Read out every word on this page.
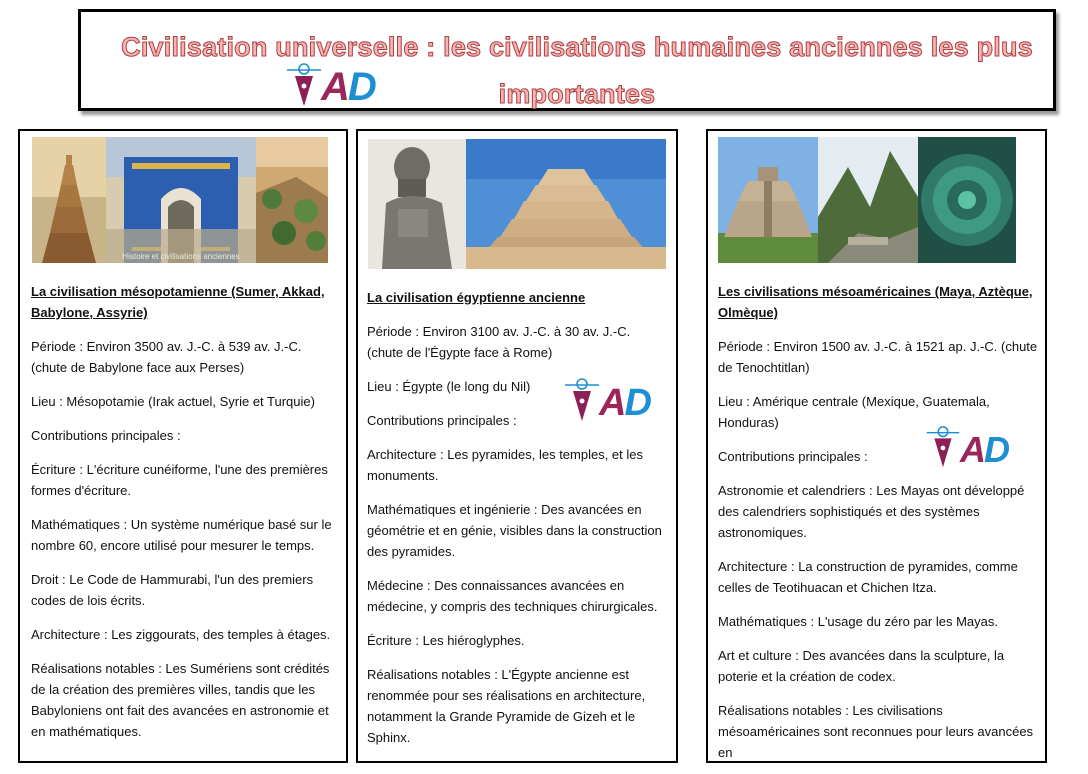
Civilisation universelle : les civilisations humaines anciennes les plus importantes
A
D
Histoire et civilisations anciennes

La civilisation mésopotamienne (Sumer, Akkad, Babylone, Assyrie)

Période : Environ 3500 av. J.-C. à 539 av. J.-C. (chute de Babylone face aux Perses)

Lieu : Mésopotamie (Irak actuel, Syrie et Turquie)

Contributions principales :

Écriture : L'écriture cunéiforme, l'une des premières formes d'écriture.

Mathématiques : Un système numérique basé sur le nombre 60, encore utilisé pour mesurer le temps.

Droit : Le Code de Hammurabi, l'un des premiers codes de lois écrits.

Architecture : Les ziggourats, des temples à étages.

Réalisations notables : Les Sumériens sont crédités de la création des premières villes, tandis que les Babyloniens ont fait des avancées en astronomie et en mathématiques.

A
D

La civilisation égyptienne ancienne

Période : Environ 3100 av. J.-C. à 30 av. J.-C. (chute de l'Égypte face à Rome)

Lieu : Égypte (le long du Nil)

Contributions principales :

Architecture : Les pyramides, les temples, et les monuments.

Mathématiques et ingénierie : Des avancées en géométrie et en génie, visibles dans la construction des pyramides.

Médecine : Des connaissances avancées en médecine, y compris des techniques chirurgicales.

Écriture : Les hiéroglyphes.

Réalisations notables : L'Égypte ancienne est renommée pour ses réalisations en architecture, notamment la Grande Pyramide de Gizeh et le Sphinx.

A
D

Les civilisations mésoaméricaines (Maya, Aztèque, Olmèque)

Période : Environ 1500 av. J.-C. à 1521 ap. J.-C. (chute de Tenochtitlan)

Lieu : Amérique centrale (Mexique, Guatemala, Honduras)

Contributions principales :

Astronomie et calendriers : Les Mayas ont développé des calendriers sophistiqués et des systèmes astronomiques.

Architecture : La construction de pyramides, comme celles de Teotihuacan et Chichen Itza.

Mathématiques : L'usage du zéro par les Mayas.

Art et culture : Des avancées dans la sculpture, la poterie et la création de codex.

Réalisations notables : Les civilisations mésoaméricaines sont reconnues pour leurs avancées en
